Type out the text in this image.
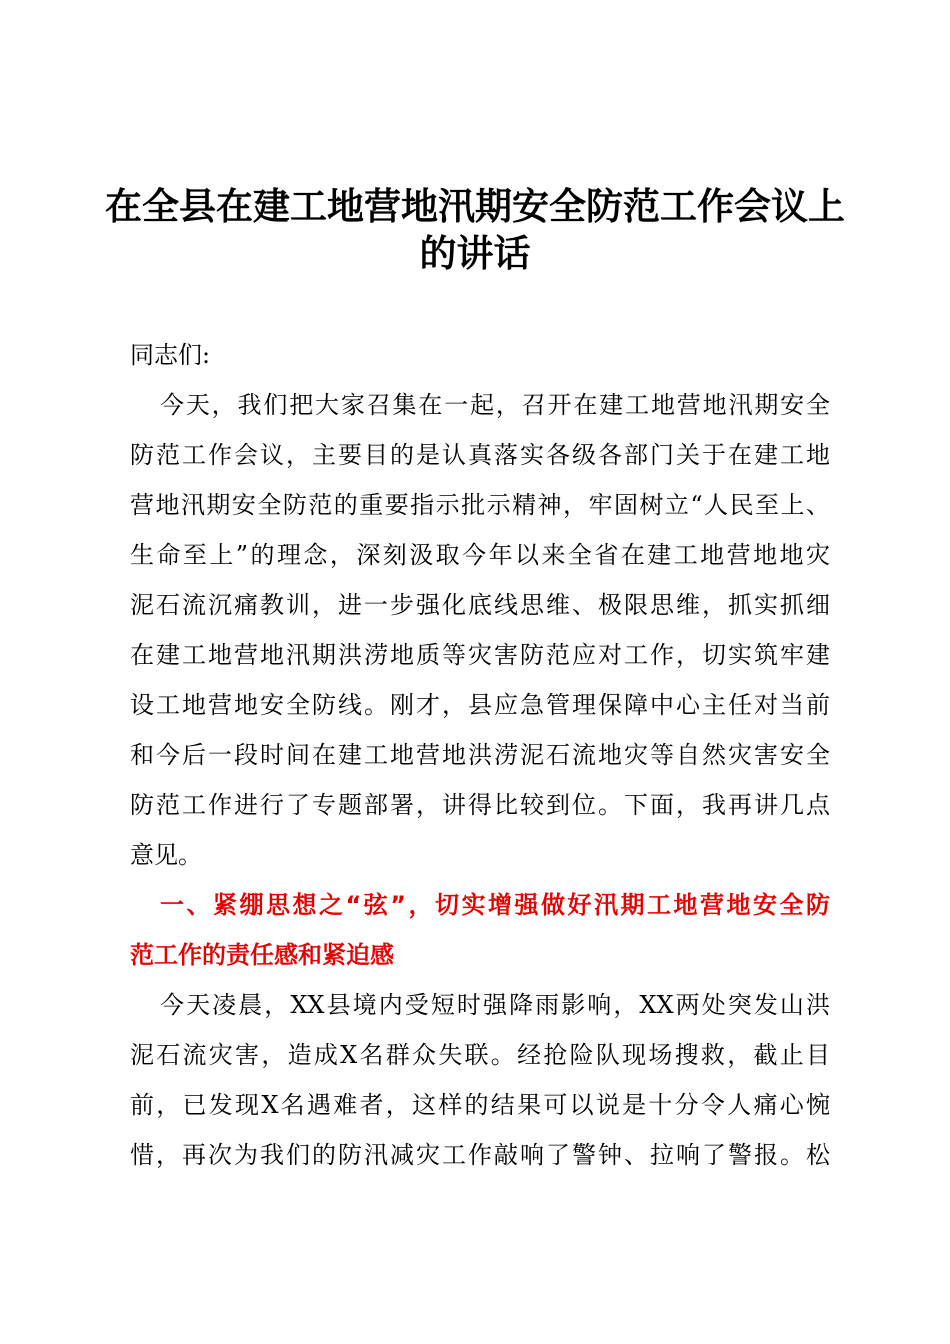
在全县在建工地营地汛期安全防范工作会议上
的讲话
同志们:
今天，我们把大家召集在一起，召开在建工地营地汛期安全
防范工作会议，主要目的是认真落实各级各部门关于在建工地
营地汛期安全防范的重要指示批示精神，牢固树立“人民至上、
生命至上”的理念，深刻汲取今年以来全省在建工地营地地灾
泥石流沉痛教训，进一步强化底线思维、极限思维，抓实抓细
在建工地营地汛期洪涝地质等灾害防范应对工作，切实筑牢建
设工地营地安全防线。刚才，县应急管理保障中心主任对当前
和今后一段时间在建工地营地洪涝泥石流地灾等自然灾害安全
防范工作进行了专题部署，讲得比较到位。下面，我再讲几点
意见。
一、紧绷思想之“弦”，切实增强做好汛期工地营地安全防
范工作的责任感和紧迫感
今天凌晨，XX县境内受短时强降雨影响，XX两处突发山洪
泥石流灾害，造成X名群众失联。经抢险队现场搜救，截止目
前，已发现X名遇难者，这样的结果可以说是十分令人痛心惋
惜，再次为我们的防汛减灾工作敲响了警钟、拉响了警报。松
